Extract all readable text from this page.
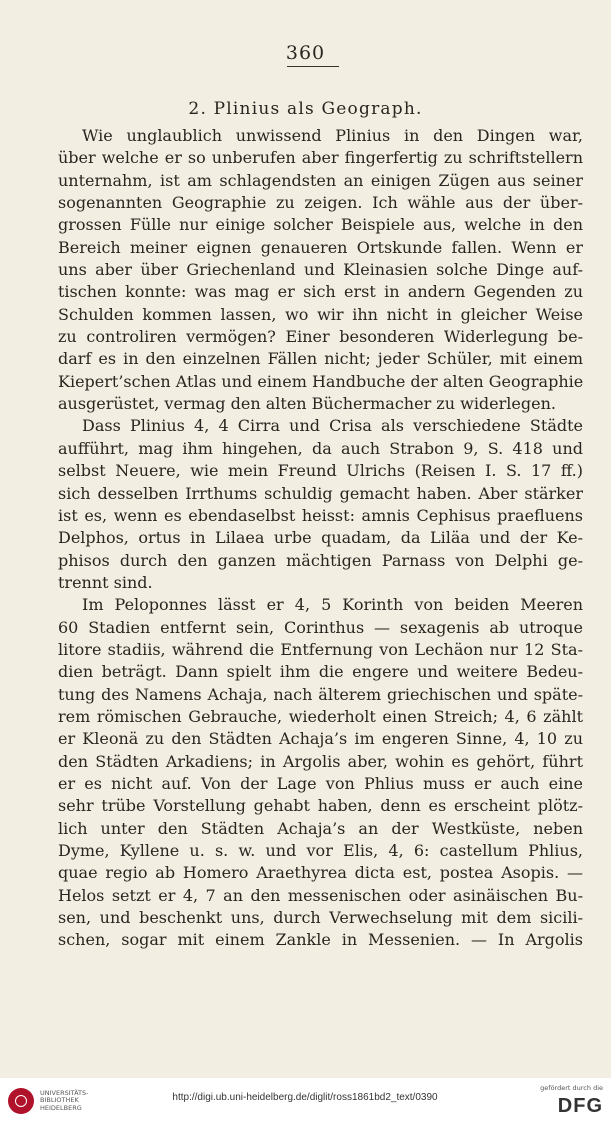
360
2. Plinius als Geograph.
Wie unglaublich unwissend Plinius in den Dingen war,
über welche er so unberufen aber fingerfertig zu schriftstellern
unternahm, ist am schlagendsten an einigen Zügen aus seiner
sogenannten Geographie zu zeigen. Ich wähle aus der über-
grossen Fülle nur einige solcher Beispiele aus, welche in den
Bereich meiner eignen genaueren Ortskunde fallen. Wenn er
uns aber über Griechenland und Kleinasien solche Dinge auf-
tischen konnte: was mag er sich erst in andern Gegenden zu
Schulden kommen lassen, wo wir ihn nicht in gleicher Weise
zu controliren vermögen? Einer besonderen Widerlegung be-
darf es in den einzelnen Fällen nicht; jeder Schüler, mit einem
Kiepert’schen Atlas und einem Handbuche der alten Geographie
ausgerüstet, vermag den alten Büchermacher zu widerlegen.
Dass Plinius 4, 4 Cirra und Crisa als verschiedene Städte
aufführt, mag ihm hingehen, da auch Strabon 9, S. 418 und
selbst Neuere, wie mein Freund Ulrichs (Reisen I. S. 17 ff.)
sich desselben Irrthums schuldig gemacht haben. Aber stärker
ist es, wenn es ebendaselbst heisst: amnis Cephisus praefluens
Delphos, ortus in Lilaea urbe quadam, da Liläa und der Ke-
phisos durch den ganzen mächtigen Parnass von Delphi ge-
trennt sind.
Im Peloponnes lässt er 4, 5 Korinth von beiden Meeren
60 Stadien entfernt sein, Corinthus — sexagenis ab utroque
litore stadiis, während die Entfernung von Lechäon nur 12 Sta-
dien beträgt. Dann spielt ihm die engere und weitere Bedeu-
tung des Namens Achaja, nach älterem griechischen und späte-
rem römischen Gebrauche, wiederholt einen Streich; 4, 6 zählt
er Kleonä zu den Städten Achaja’s im engeren Sinne, 4, 10 zu
den Städten Arkadiens; in Argolis aber, wohin es gehört, führt
er es nicht auf. Von der Lage von Phlius muss er auch eine
sehr trübe Vorstellung gehabt haben, denn es erscheint plötz-
lich unter den Städten Achaja’s an der Westküste, neben
Dyme, Kyllene u. s. w. und vor Elis, 4, 6: castellum Phlius,
quae regio ab Homero Araethyrea dicta est, postea Asopis. —
Helos setzt er 4, 7 an den messenischen oder asinäischen Bu-
sen, und beschenkt uns, durch Verwechselung mit dem sicili-
schen, sogar mit einem Zankle in Messenien. — In Argolis
UNIVERSITÄTS-
BIBLIOTHEK
HEIDELBERG
http://digi.ub.uni-heidelberg.de/diglit/ross1861bd2_text/0390
gefördert durch die
DFG
